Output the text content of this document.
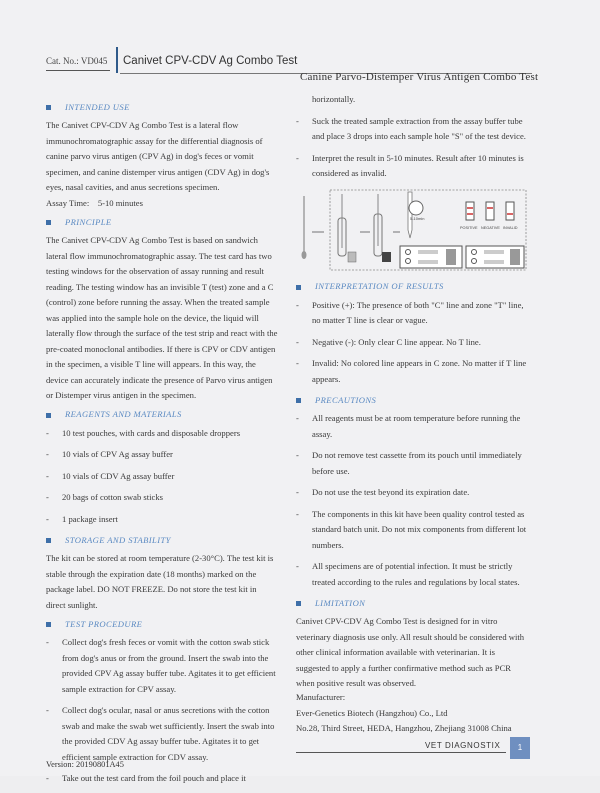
Cat. No.: VD045 Canivet CPV-CDV Ag Combo Test
Canine Parvo-Distemper Virus Antigen Combo Test
INTENDED USE

The Canivet CPV-CDV Ag Combo Test is a lateral flow immunochromatographic assay for the differential diagnosis of canine parvo virus antigen (CPV Ag) in dog's feces or vomit specimen, and canine distemper virus antigen (CDV Ag) in dog's eyes, nasal cavities, and anus secretions specimen.

Assay Time:    5-10 minutes

PRINCIPLE

The Canivet CPV-CDV Ag Combo Test is based on sandwich lateral flow immunochromatographic assay. The test card has two testing windows for the observation of assay running and result reading. The testing window has an invisible T (test) zone and a C (control) zone before running the assay. When the treated sample was applied into the sample hole on the device, the liquid will laterally flow through the surface of the test strip and react with the pre-coated monoclonal antibodies. If there is CPV or CDV antigen in the specimen, a visible T line will appears. In this way, the device can accurately indicate the presence of Parvo virus antigen or Distemper virus antigen in the specimen.

REAGENTS AND MATERIALS
- 10 test pouches, with cards and disposable droppers
- 10 vials of CPV Ag assay buffer
- 10 vials of CDV Ag assay buffer
- 20 bags of cotton swab sticks
- 1 package insert
STORAGE AND STABILITY

The kit can be stored at room temperature (2-30°C). The test kit is stable through the expiration date (18 months) marked on the package label. DO NOT FREEZE. Do not store the test kit in direct sunlight.

TEST PROCEDURE
- Collect dog's fresh feces or vomit with the cotton swab stick from dog's anus or from the ground. Insert the swab into the provided CPV Ag assay buffer tube. Agitates it to get efficient sample extraction for CPV assay.
- Collect dog's ocular, nasal or anus secretions with the cotton swab and make the swab wet sufficiently. Insert the swab into the provided CDV Ag assay buffer tube. Agitates it to get efficient sample extraction for CDV assay.
- Take out the test card from the foil pouch and place it

horizontally.

- Suck the treated sample extraction from the assay buffer tube and place 3 drops into each sample hole "S" of the test device.
- Interpret the result in 5-10 minutes. Result after 10 minutes is considered as invalid.
5-10min
POSITIVE NEGATIVE INVALID
INTERPRETATION OF RESULTS
- Positive (+): The presence of both "C" line and zone "T" line, no matter T line is clear or vague.
- Negative (-): Only clear C line appear. No T line.
- Invalid: No colored line appears in C zone. No matter if T line appears.
PRECAUTIONS
- All reagents must be at room temperature before running the assay.
- Do not remove test cassette from its pouch until immediately before use.
- Do not use the test beyond its expiration date.
- The components in this kit have been quality control tested as standard batch unit. Do not mix components from different lot numbers.
- All specimens are of potential infection. It must be strictly treated according to the rules and regulations by local states.
LIMITATION

Canivet CPV-CDV Ag Combo Test is designed for in vitro veterinary diagnosis use only. All result should be considered with other clinical information available with veterinarian. It is suggested to apply a further confirmative method such as PCR when positive result was observed.

Manufacturer:
Ever-Genetics Biotech (Hangzhou) Co., Ltd
No.28, Third Street, HEDA, Hangzhou, Zhejiang 31008 China
VET DIAGNOSTIX	1
Version: 20190801A45
